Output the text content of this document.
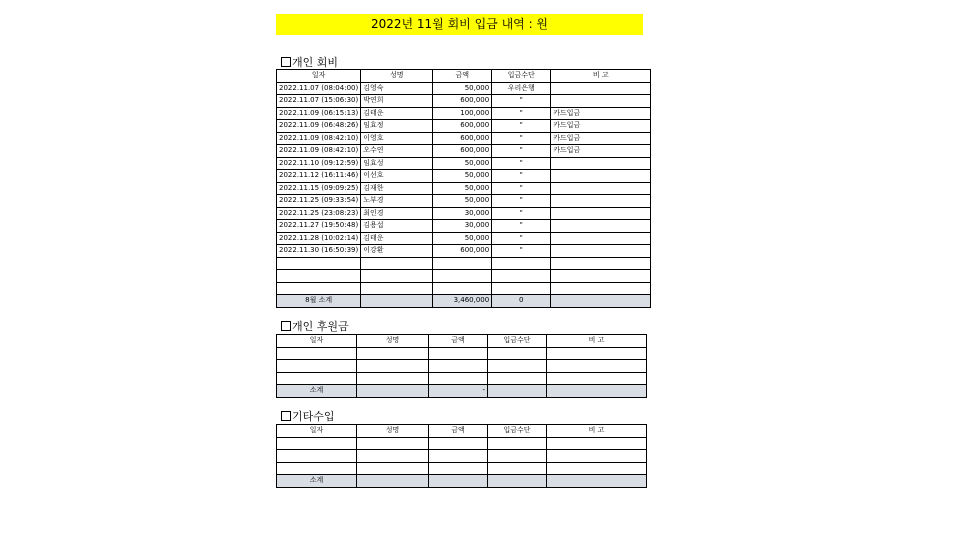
2022년 11월 회비 입금 내역 : 원
개인 회비
일자	성명	금액	입금수단	비 고
2022.11.07 (08:04:00)	김영숙	50,000	우리은행	
2022.11.07 (15:06:30)	박연희	600,000	"	
2022.11.09 (06:15:13)	김태운	100,000	"	카드입금
2022.11.09 (06:48:26)	임효정	600,000	"	카드입금
2022.11.09 (08:42:10)	이영호	600,000	"	카드입금
2022.11.09 (08:42:10)	오수연	600,000	"	카드입금
2022.11.10 (09:12:59)	임효성	50,000	"	
2022.11.12 (16:11:46)	이선호	50,000	"	
2022.11.15 (09:09:25)	김재한	50,000	"	
2022.11.25 (09:33:54)	노부경	50,000	"	
2022.11.25 (23:08:23)	최인경	30,000	"	
2022.11.27 (19:50:48)	김용섭	30,000	"	
2022.11.28 (10:02:14)	김태운	50,000	"	
2022.11.30 (16:50:39)	이강환	600,000	"	

8월 소계		3,460,000	0	
개인 후원금
일자	성명	금액	입금수단	비 고

소계		-		
기타수입
일자	성명	금액	입금수단	비 고

소계				
